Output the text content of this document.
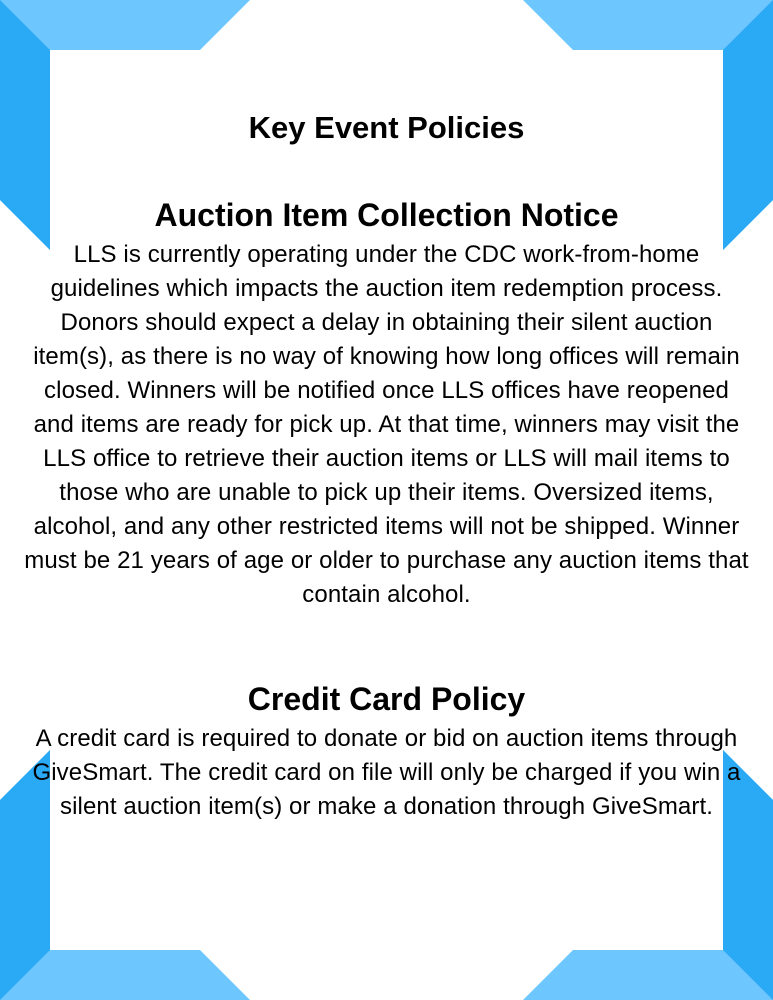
Key Event Policies
Auction Item Collection Notice

LLS is currently operating under the CDC work-from-home guidelines which impacts the auction item redemption process. Donors should expect a delay in obtaining their silent auction item(s), as there is no way of knowing how long offices will remain closed. Winners will be notified once LLS offices have reopened and items are ready for pick up. At that time, winners may visit the LLS office to retrieve their auction items or LLS will mail items to those who are unable to pick up their items. Oversized items, alcohol, and any other restricted items will not be shipped. Winner must be 21 years of age or older to purchase any auction items that contain alcohol.

Credit Card Policy

A credit card is required to donate or bid on auction items through GiveSmart. The credit card on file will only be charged if you win a silent auction item(s) or make a donation through GiveSmart.
